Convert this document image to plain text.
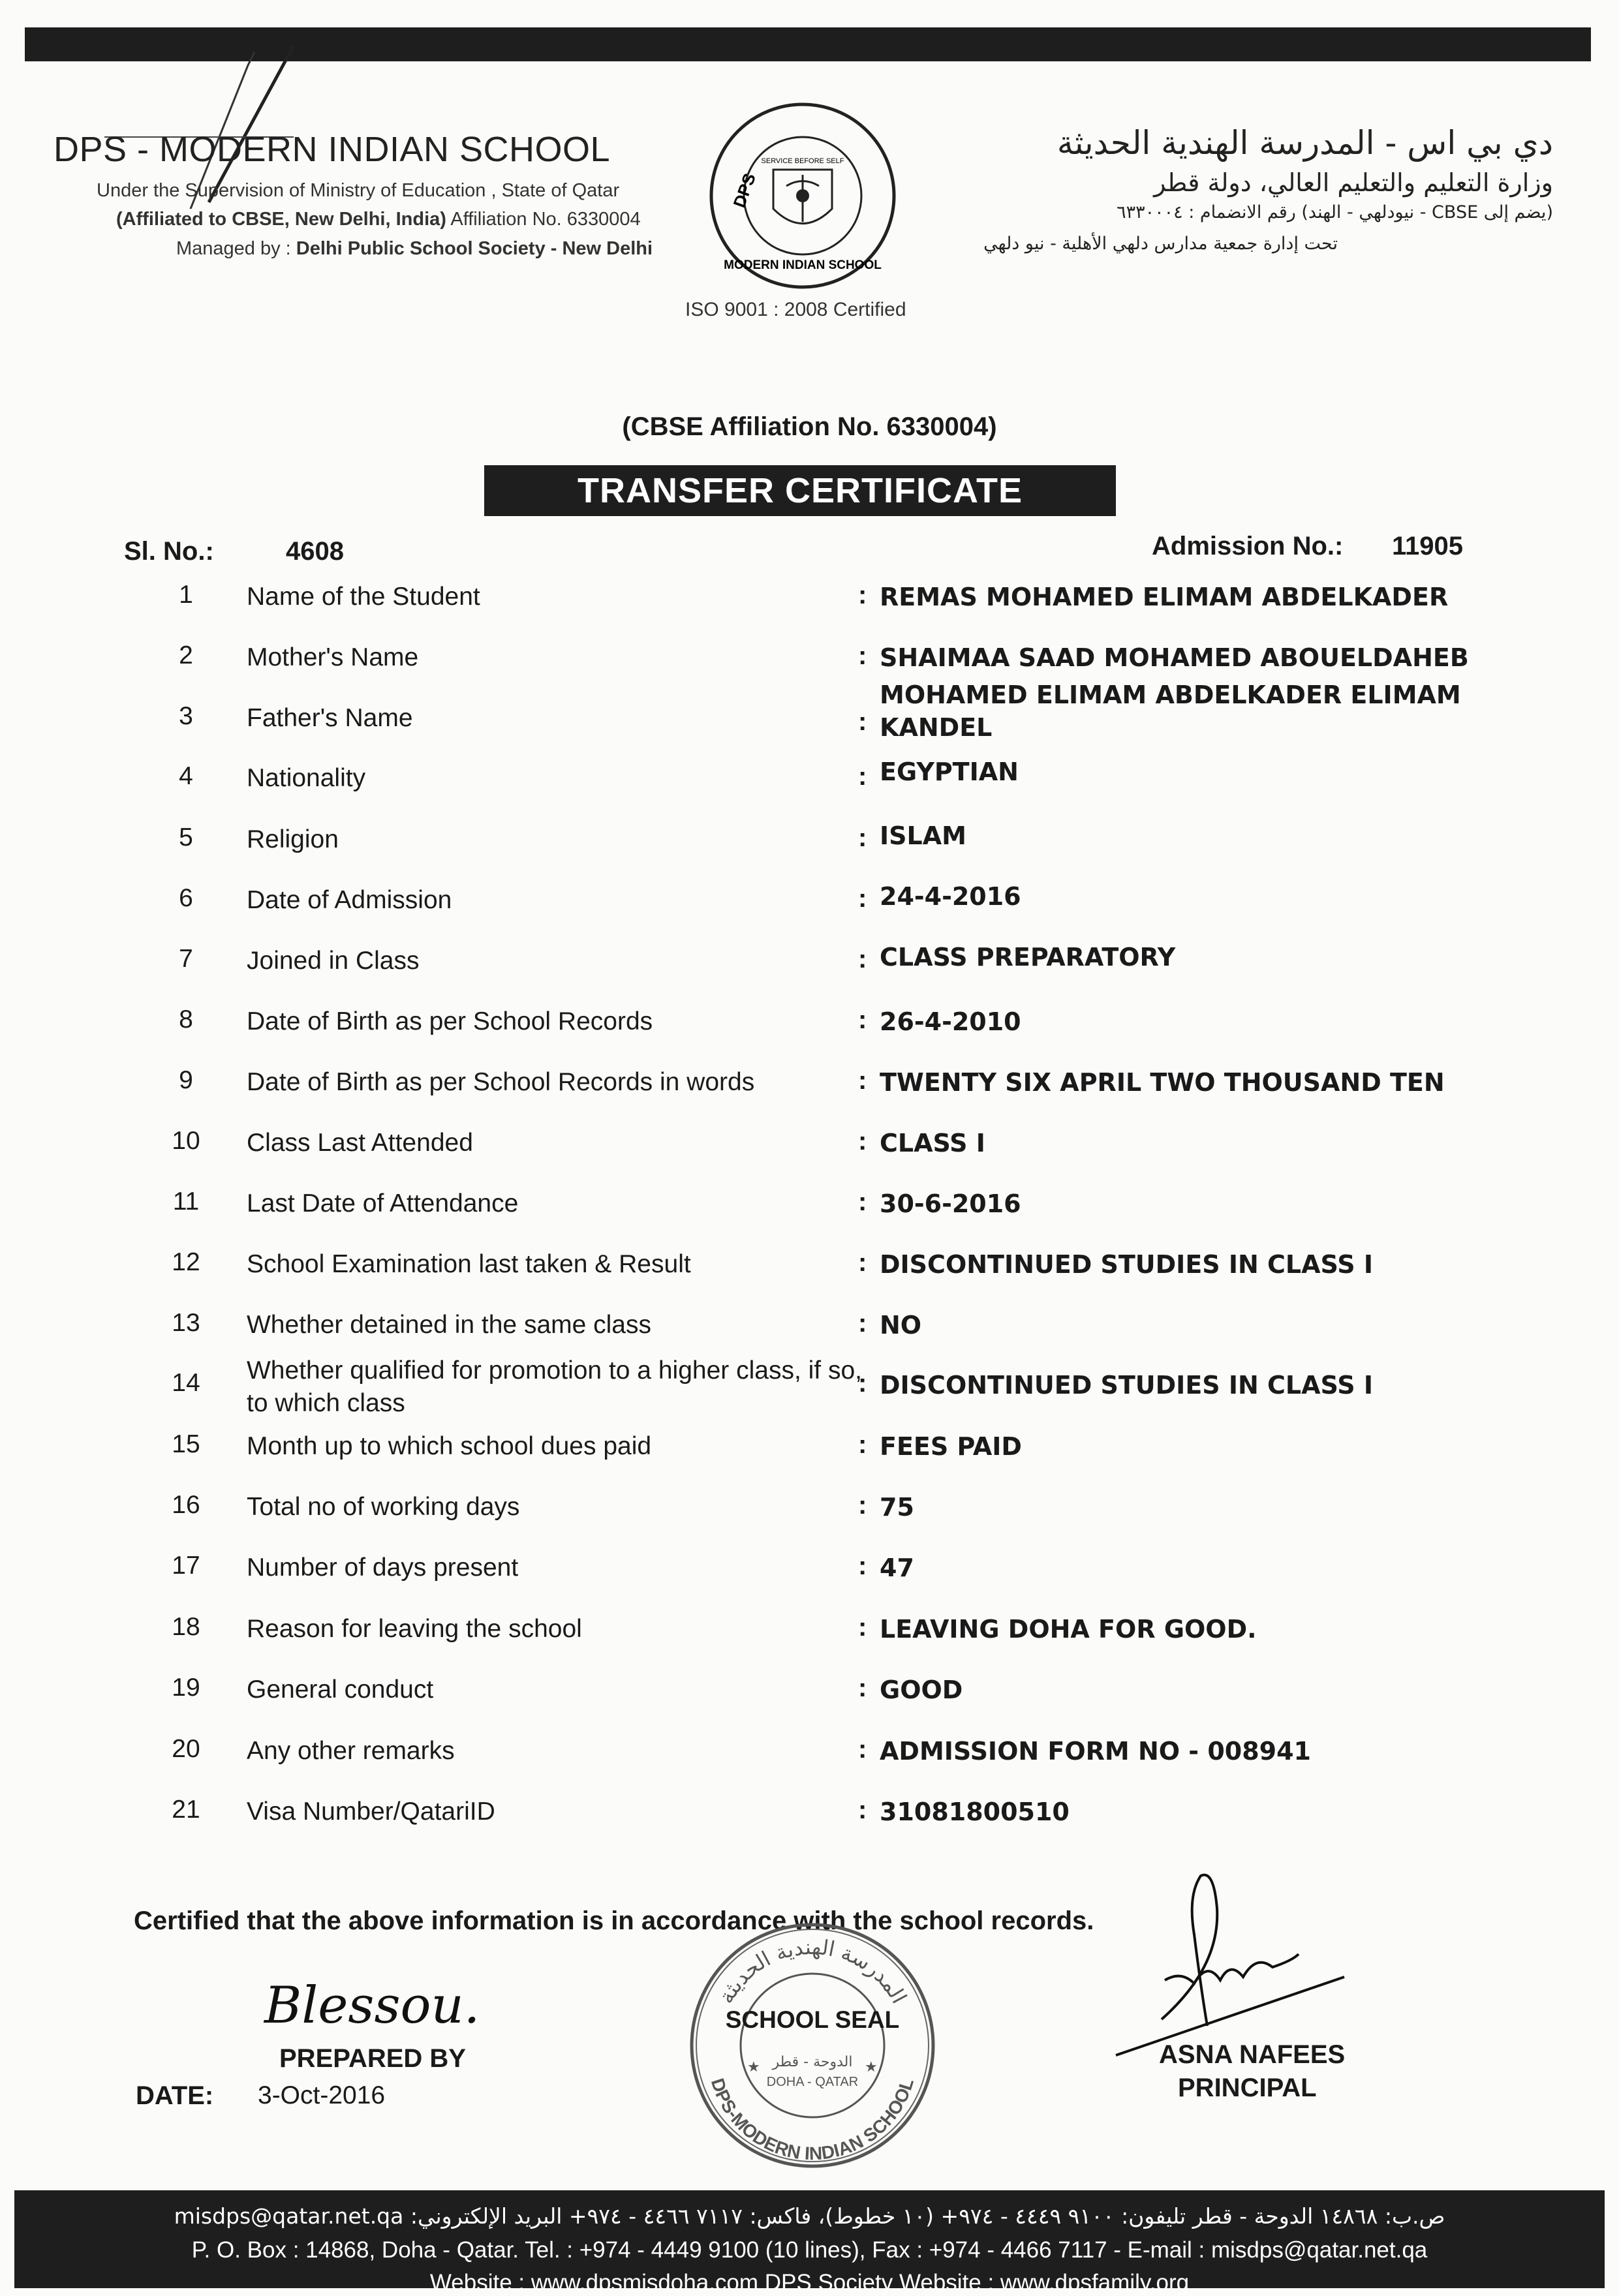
DPS - MODERN INDIAN SCHOOL
Under the Supervision of Ministry of Education , State of Qatar
(Affiliated to CBSE, New Delhi, India) Affiliation No. 6330004
Managed by : Delhi Public School Society - New Delhi
SERVICE BEFORE SELF
DPS
MODERN INDIAN SCHOOL
ISO 9001 : 2008 Certified
دي بي اس - المدرسة الهندية الحديثة
وزارة التعليم والتعليم العالي، دولة قطر
(يضم إلى CBSE - نيودلهي - الهند) رقم الانضمام : ٦٣٣٠٠٠٤
تحت إدارة جمعية مدارس دلهي الأهلية - نيو دلهي
(CBSE Affiliation No. 6330004)
TRANSFER CERTIFICATE
Sl. No.:	4608	Admission No.: 11905
1	Name of the Student	: REMAS MOHAMED ELIMAM ABDELKADER
2	Mother's Name	: SHAIMAA SAAD MOHAMED ABOUELDAHEB
3	Father's Name	:
MOHAMED ELIMAM ABDELKADER ELIMAM KANDEL
4	Nationality	: EGYPTIAN
5	Religion	: ISLAM
6	Date of Admission	: 24-4-2016
7	Joined in Class	: CLASS PREPARATORY
8	Date of Birth as per School Records	: 26-4-2010
9	Date of Birth as per School Records in words	: TWENTY SIX APRIL TWO THOUSAND TEN
10	Class Last Attended	: CLASS I
11	Last Date of Attendance	: 30-6-2016
12	School Examination last taken & Result	: DISCONTINUED STUDIES IN CLASS I
13	Whether detained in the same class	: NO
14	Whether qualified for promotion to a higher class, if so, to which class
: DISCONTINUED STUDIES IN CLASS I
15	Month up to which school dues paid	: FEES PAID
16	Total no of working days	: 75
17	Number of days present	: 47
18	Reason for leaving the school	: LEAVING DOHA FOR GOOD.
19	General conduct	: GOOD
20	Any other remarks	: ADMISSION FORM NO - 008941
21	Visa Number/QatariID	: 31081800510
Certified that the above information is in accordance with the school records.
Blessou.
PREPARED BY
DATE: 3-Oct-2016
المدرسة الهندية الحديثة
DPS-MODERN INDIAN SCHOOL
الدوحة - قطر
DOHA - QATAR
★	★
SCHOOL SEAL
ASNA NAFEES
PRINCIPAL
ص.ب: ١٤٨٦٨ الدوحة - قطر تليفون: ٩١٠٠ ٤٤٤٩ - ٩٧٤+ (١٠ خطوط)، فاكس: ٧١١٧ ٤٤٦٦ - ٩٧٤+ البريد الإلكتروني: misdps@qatar.net.qa
P. O. Box : 14868, Doha - Qatar. Tel. : +974 - 4449 9100 (10 lines), Fax : +974 - 4466 7117 - E-mail : misdps@qatar.net.qa
Website : www.dpsmisdoha.com DPS Society Website : www.dpsfamily.org
